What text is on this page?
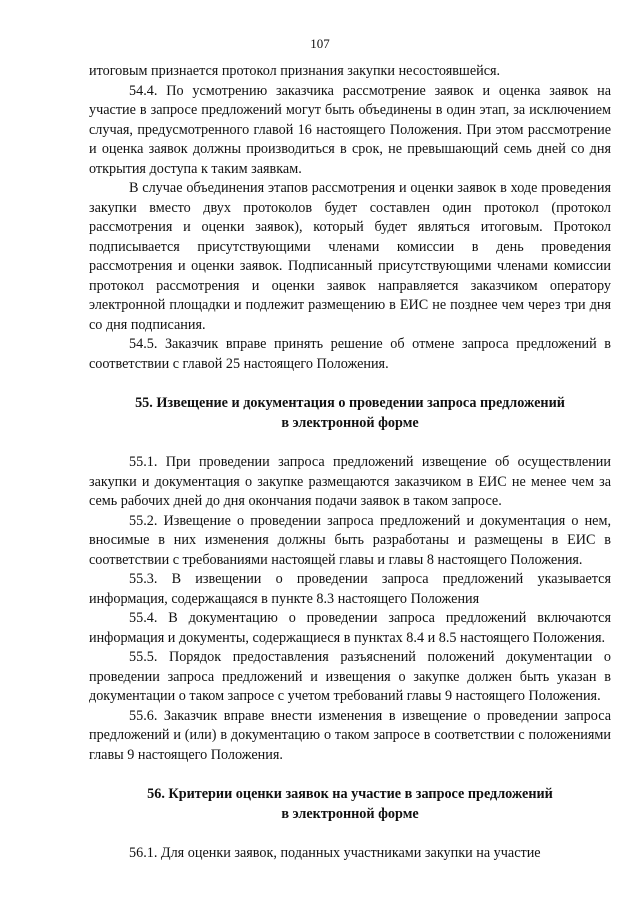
107

итоговым признается протокол признания закупки несостоявшейся.

54.4. По усмотрению заказчика рассмотрение заявок и оценка заявок на участие в запросе предложений могут быть объединены в один этап, за исключением случая, предусмотренного главой 16 настоящего Положения. При этом рассмотрение и оценка заявок должны производиться в срок, не превышающий семь дней со дня открытия доступа к таким заявкам.

В случае объединения этапов рассмотрения и оценки заявок в ходе проведения закупки вместо двух протоколов будет составлен один протокол (протокол рассмотрения и оценки заявок), который будет являться итоговым. Протокол подписывается присутствующими членами комиссии в день проведения рассмотрения и оценки заявок. Подписанный присутствующими членами комиссии протокол рассмотрения и оценки заявок направляется заказчиком оператору электронной площадки и подлежит размещению в ЕИС не позднее чем через три дня со дня подписания.

54.5. Заказчик вправе принять решение об отмене запроса предложений в соответствии с главой 25 настоящего Положения.

55. Извещение и документация о проведении запроса предложений
в электронной форме

55.1. При проведении запроса предложений извещение об осуществлении закупки и документация о закупке размещаются заказчиком в ЕИС не менее чем за семь рабочих дней до дня окончания подачи заявок в таком запросе.

55.2. Извещение о проведении запроса предложений и документация о нем, вносимые в них изменения должны быть разработаны и размещены в ЕИС в соответствии с требованиями настоящей главы и главы 8 настоящего Положения.

55.3. В извещении о проведении запроса предложений указывается информация, содержащаяся в пункте 8.3 настоящего Положения

55.4. В документацию о проведении запроса предложений включаются информация и документы, содержащиеся в пунктах 8.4 и 8.5 настоящего Положения.

55.5. Порядок предоставления разъяснений положений документации о проведении запроса предложений и извещения о закупке должен быть указан в документации о таком запросе с учетом требований главы 9 настоящего Положения.

55.6. Заказчик вправе внести изменения в извещение о проведении запроса предложений и (или) в документацию о таком запросе в соответствии с положениями главы 9 настоящего Положения.

56. Критерии оценки заявок на участие в запросе предложений
в электронной форме

56.1. Для оценки заявок, поданных участниками закупки на участие
